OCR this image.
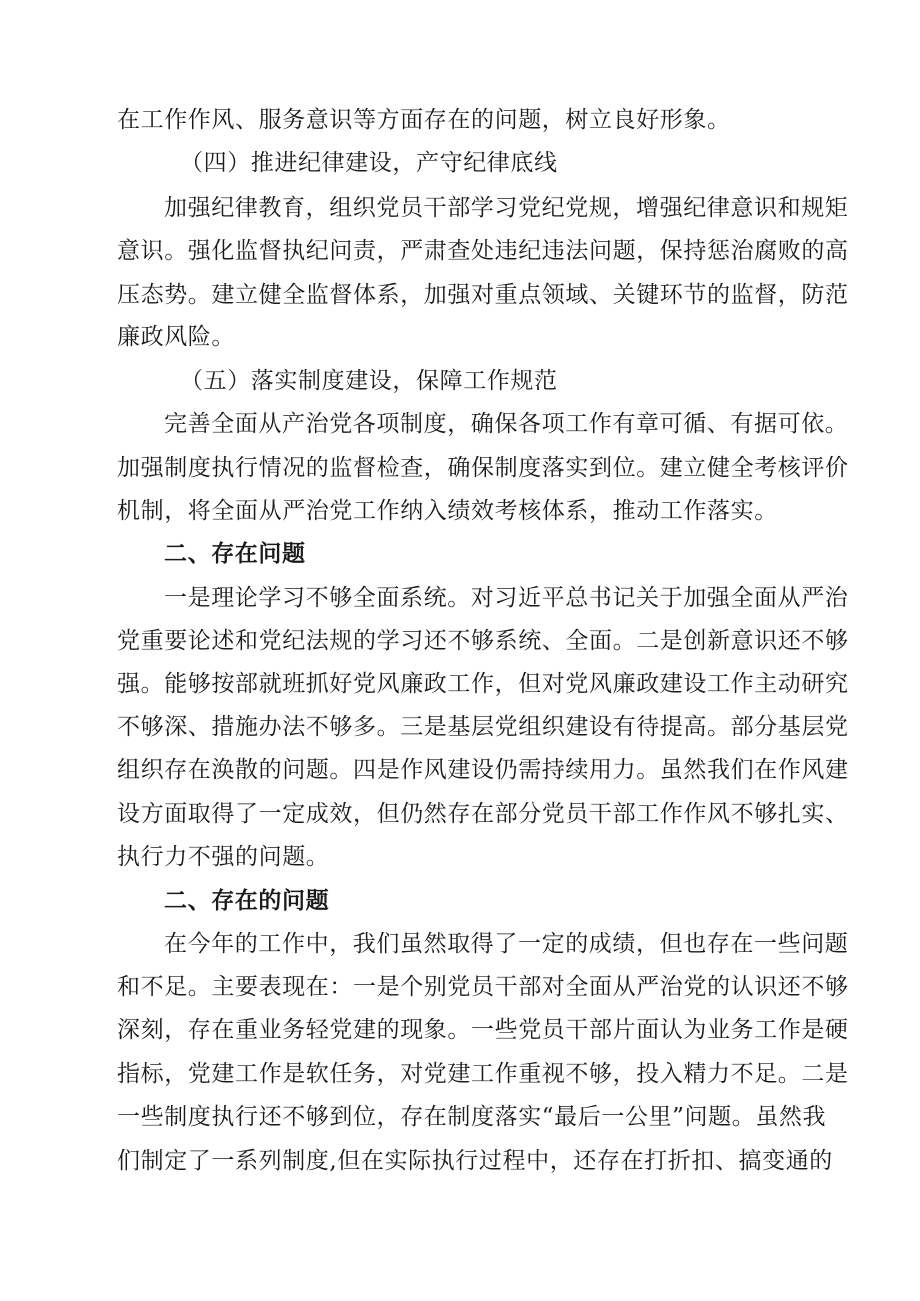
在工作作风、服务意识等方面存在的问题，树立良好形象。
（四）推进纪律建设，产守纪律底线
加强纪律教育，组织党员干部学习党纪党规，增强纪律意识和规矩
意识。强化监督执纪问责，严肃查处违纪违法问题，保持惩治腐败的高
压态势。建立健全监督体系，加强对重点领域、关键环节的监督，防范
廉政风险。
（五）落实制度建设，保障工作规范
完善全面从产治党各项制度，确保各项工作有章可循、有据可依。
加强制度执行情况的监督检查，确保制度落实到位。建立健全考核评价
机制，将全面从严治党工作纳入绩效考核体系，推动工作落实。
二、存在问题
一是理论学习不够全面系统。对习近平总书记关于加强全面从严治
党重要论述和党纪法规的学习还不够系统、全面。二是创新意识还不够
强。能够按部就班抓好党风廉政工作，但对党风廉政建设工作主动研究
不够深、措施办法不够多。三是基层党组织建设有待提高。部分基层党
组织存在涣散的问题。四是作风建设仍需持续用力。虽然我们在作风建
设方面取得了一定成效，但仍然存在部分党员干部工作作风不够扎实、
执行力不强的问题。
二、存在的问题
在今年的工作中，我们虽然取得了一定的成绩，但也存在一些问题
和不足。主要表现在：一是个别党员干部对全面从严治党的认识还不够
深刻，存在重业务轻党建的现象。一些党员干部片面认为业务工作是硬
指标，党建工作是软任务，对党建工作重视不够，投入精力不足。二是
一些制度执行还不够到位，存在制度落实“最后一公里”问题。虽然我
们制定了一系列制度,但在实际执行过程中，还存在打折扣、搞变通的
